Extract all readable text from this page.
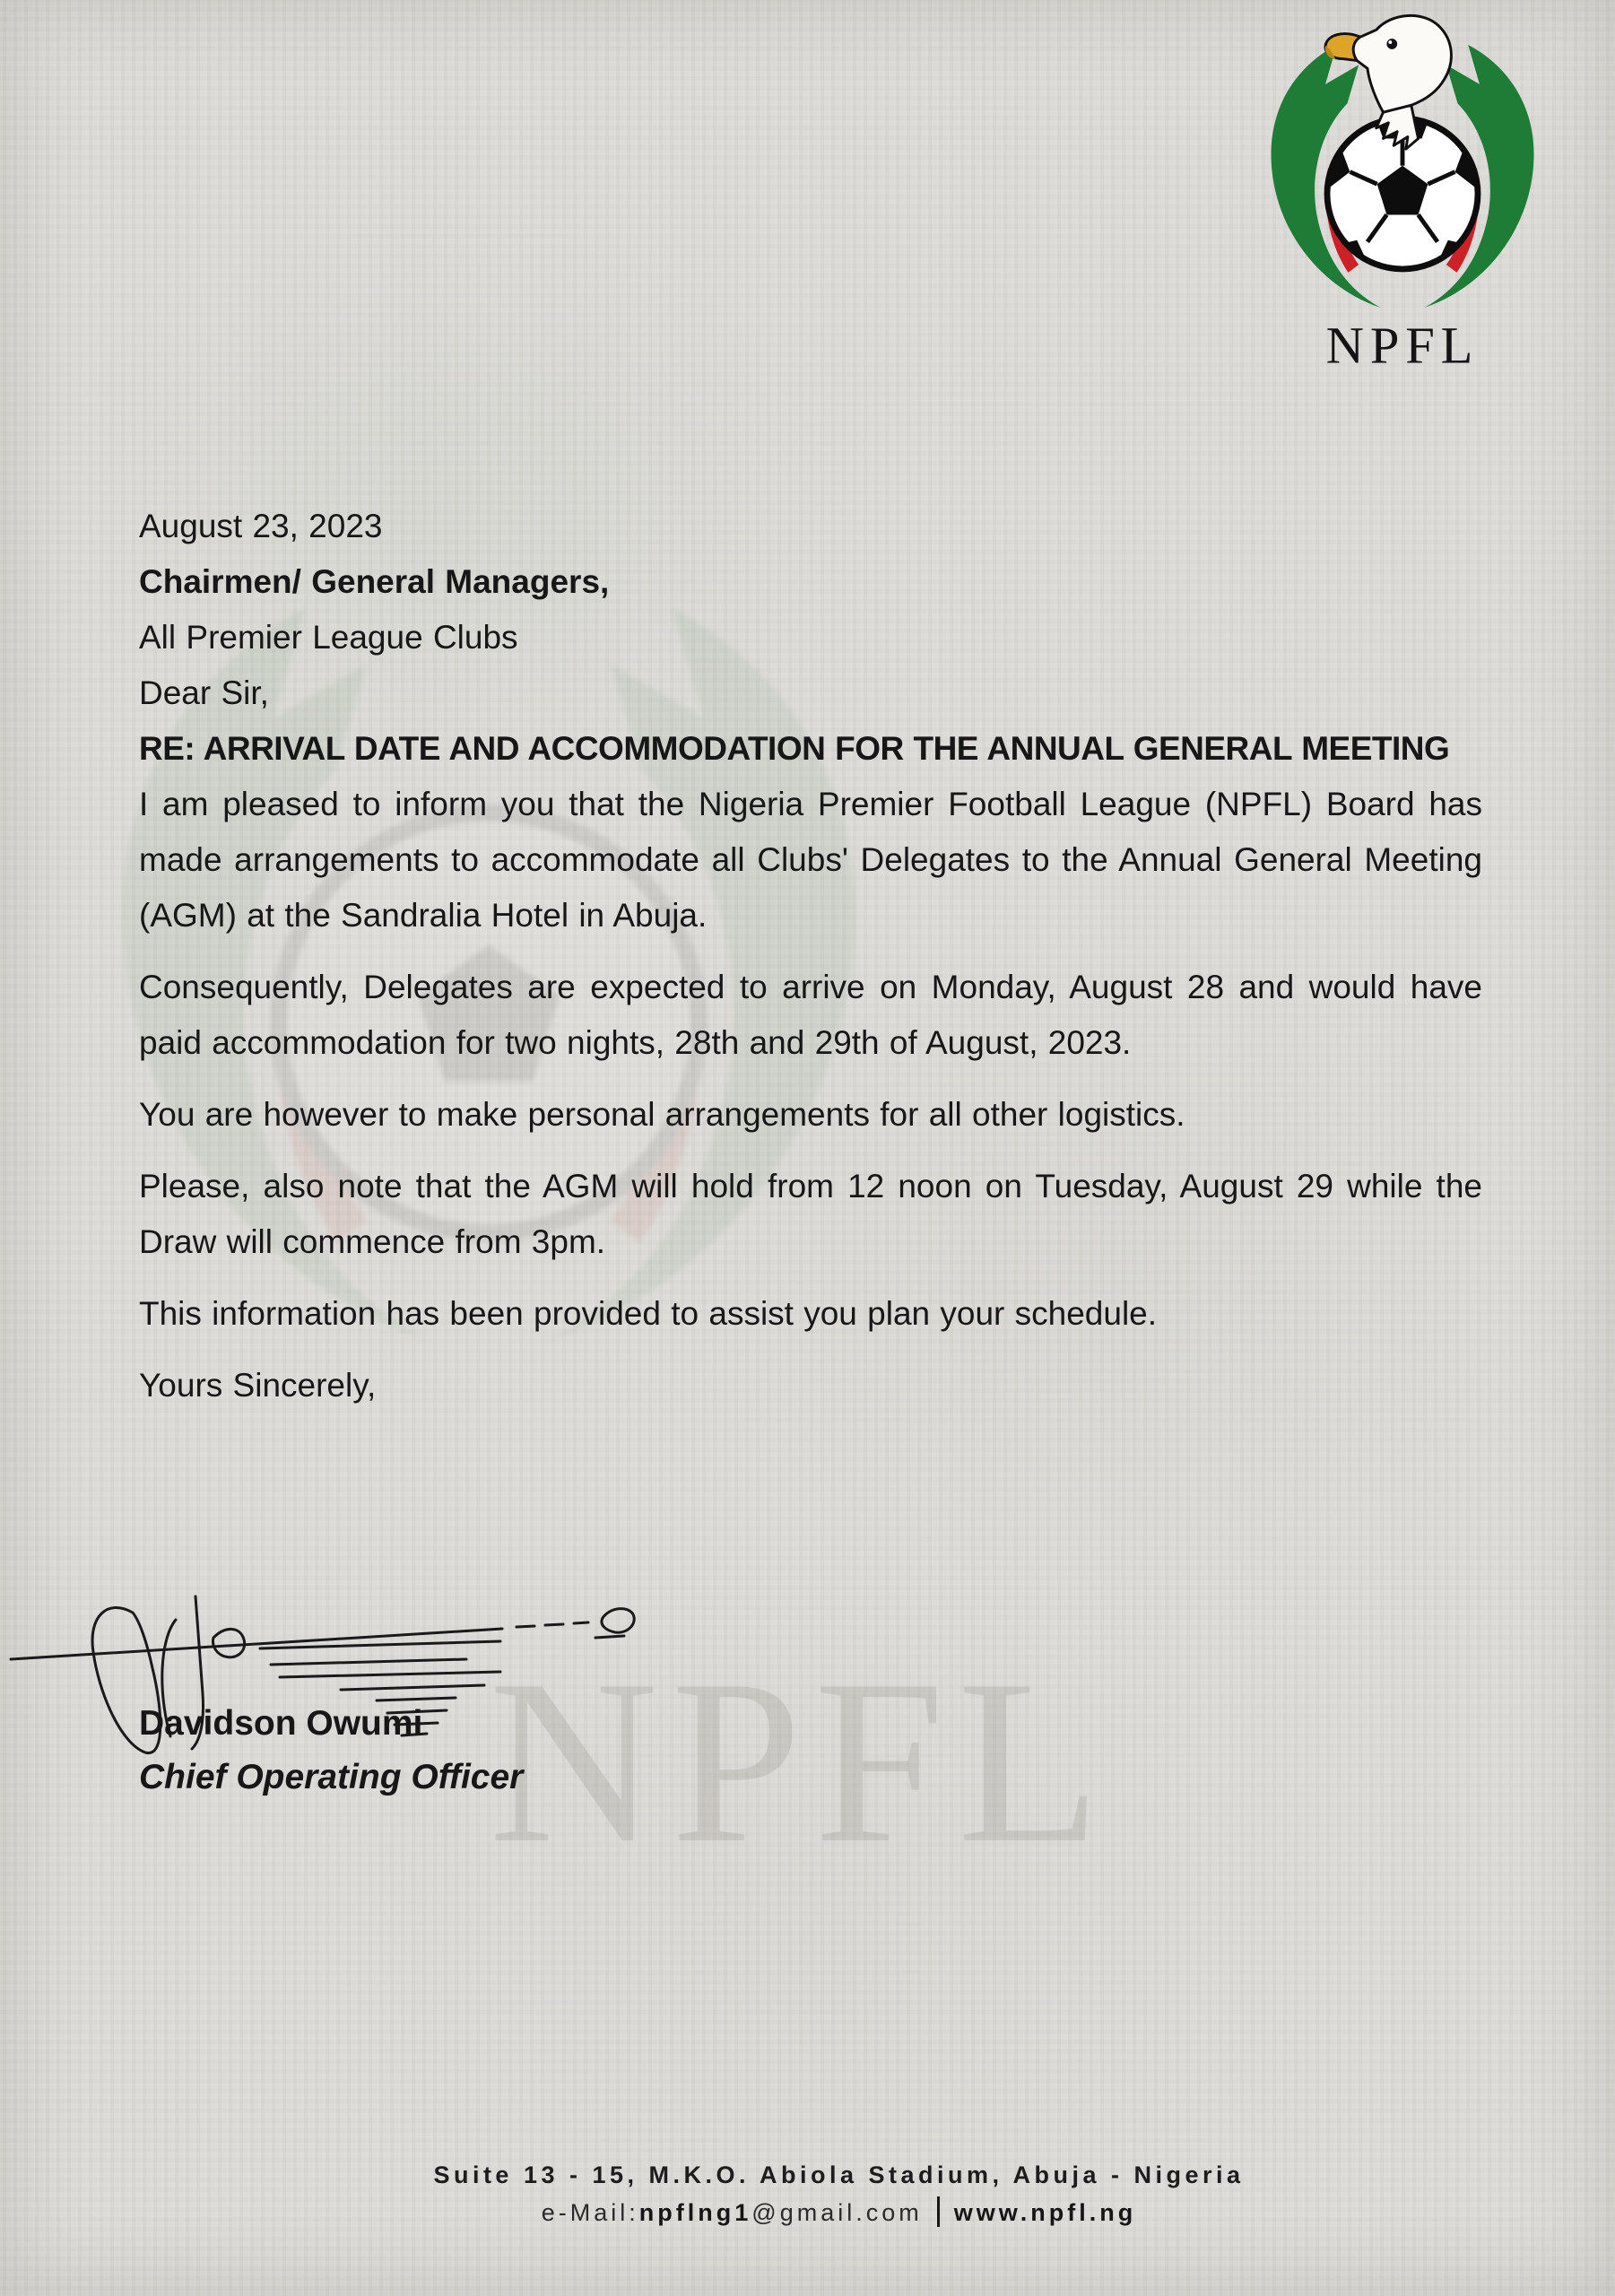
NPFL
NPFL

August 23, 2023

Chairmen/ General Managers,

All Premier League Clubs

Dear Sir,

RE: ARRIVAL DATE AND ACCOMMODATION FOR THE ANNUAL GENERAL MEETING

I am pleased to inform you that the Nigeria Premier Football League (NPFL) Board has made arrangements to accommodate all Clubs' Delegates to the Annual General Meeting (AGM) at the Sandralia Hotel in Abuja.

Consequently, Delegates are expected to arrive on Monday, August 28 and would have paid accommodation for two nights, 28th and 29th of August, 2023.

You are however to make personal arrangements for all other logistics.

Please, also note that the AGM will hold from 12 noon on Tuesday, August 29 while the Draw will commence from 3pm.

This information has been provided to assist you plan your schedule.

Yours Sincerely,

Davidson Owumi
Chief Operating Officer
Suite 13 - 15, M.K.O. Abiola Stadium, Abuja - Nigeria
e-Mail:npflng1@gmail.com www.npfl.ng
